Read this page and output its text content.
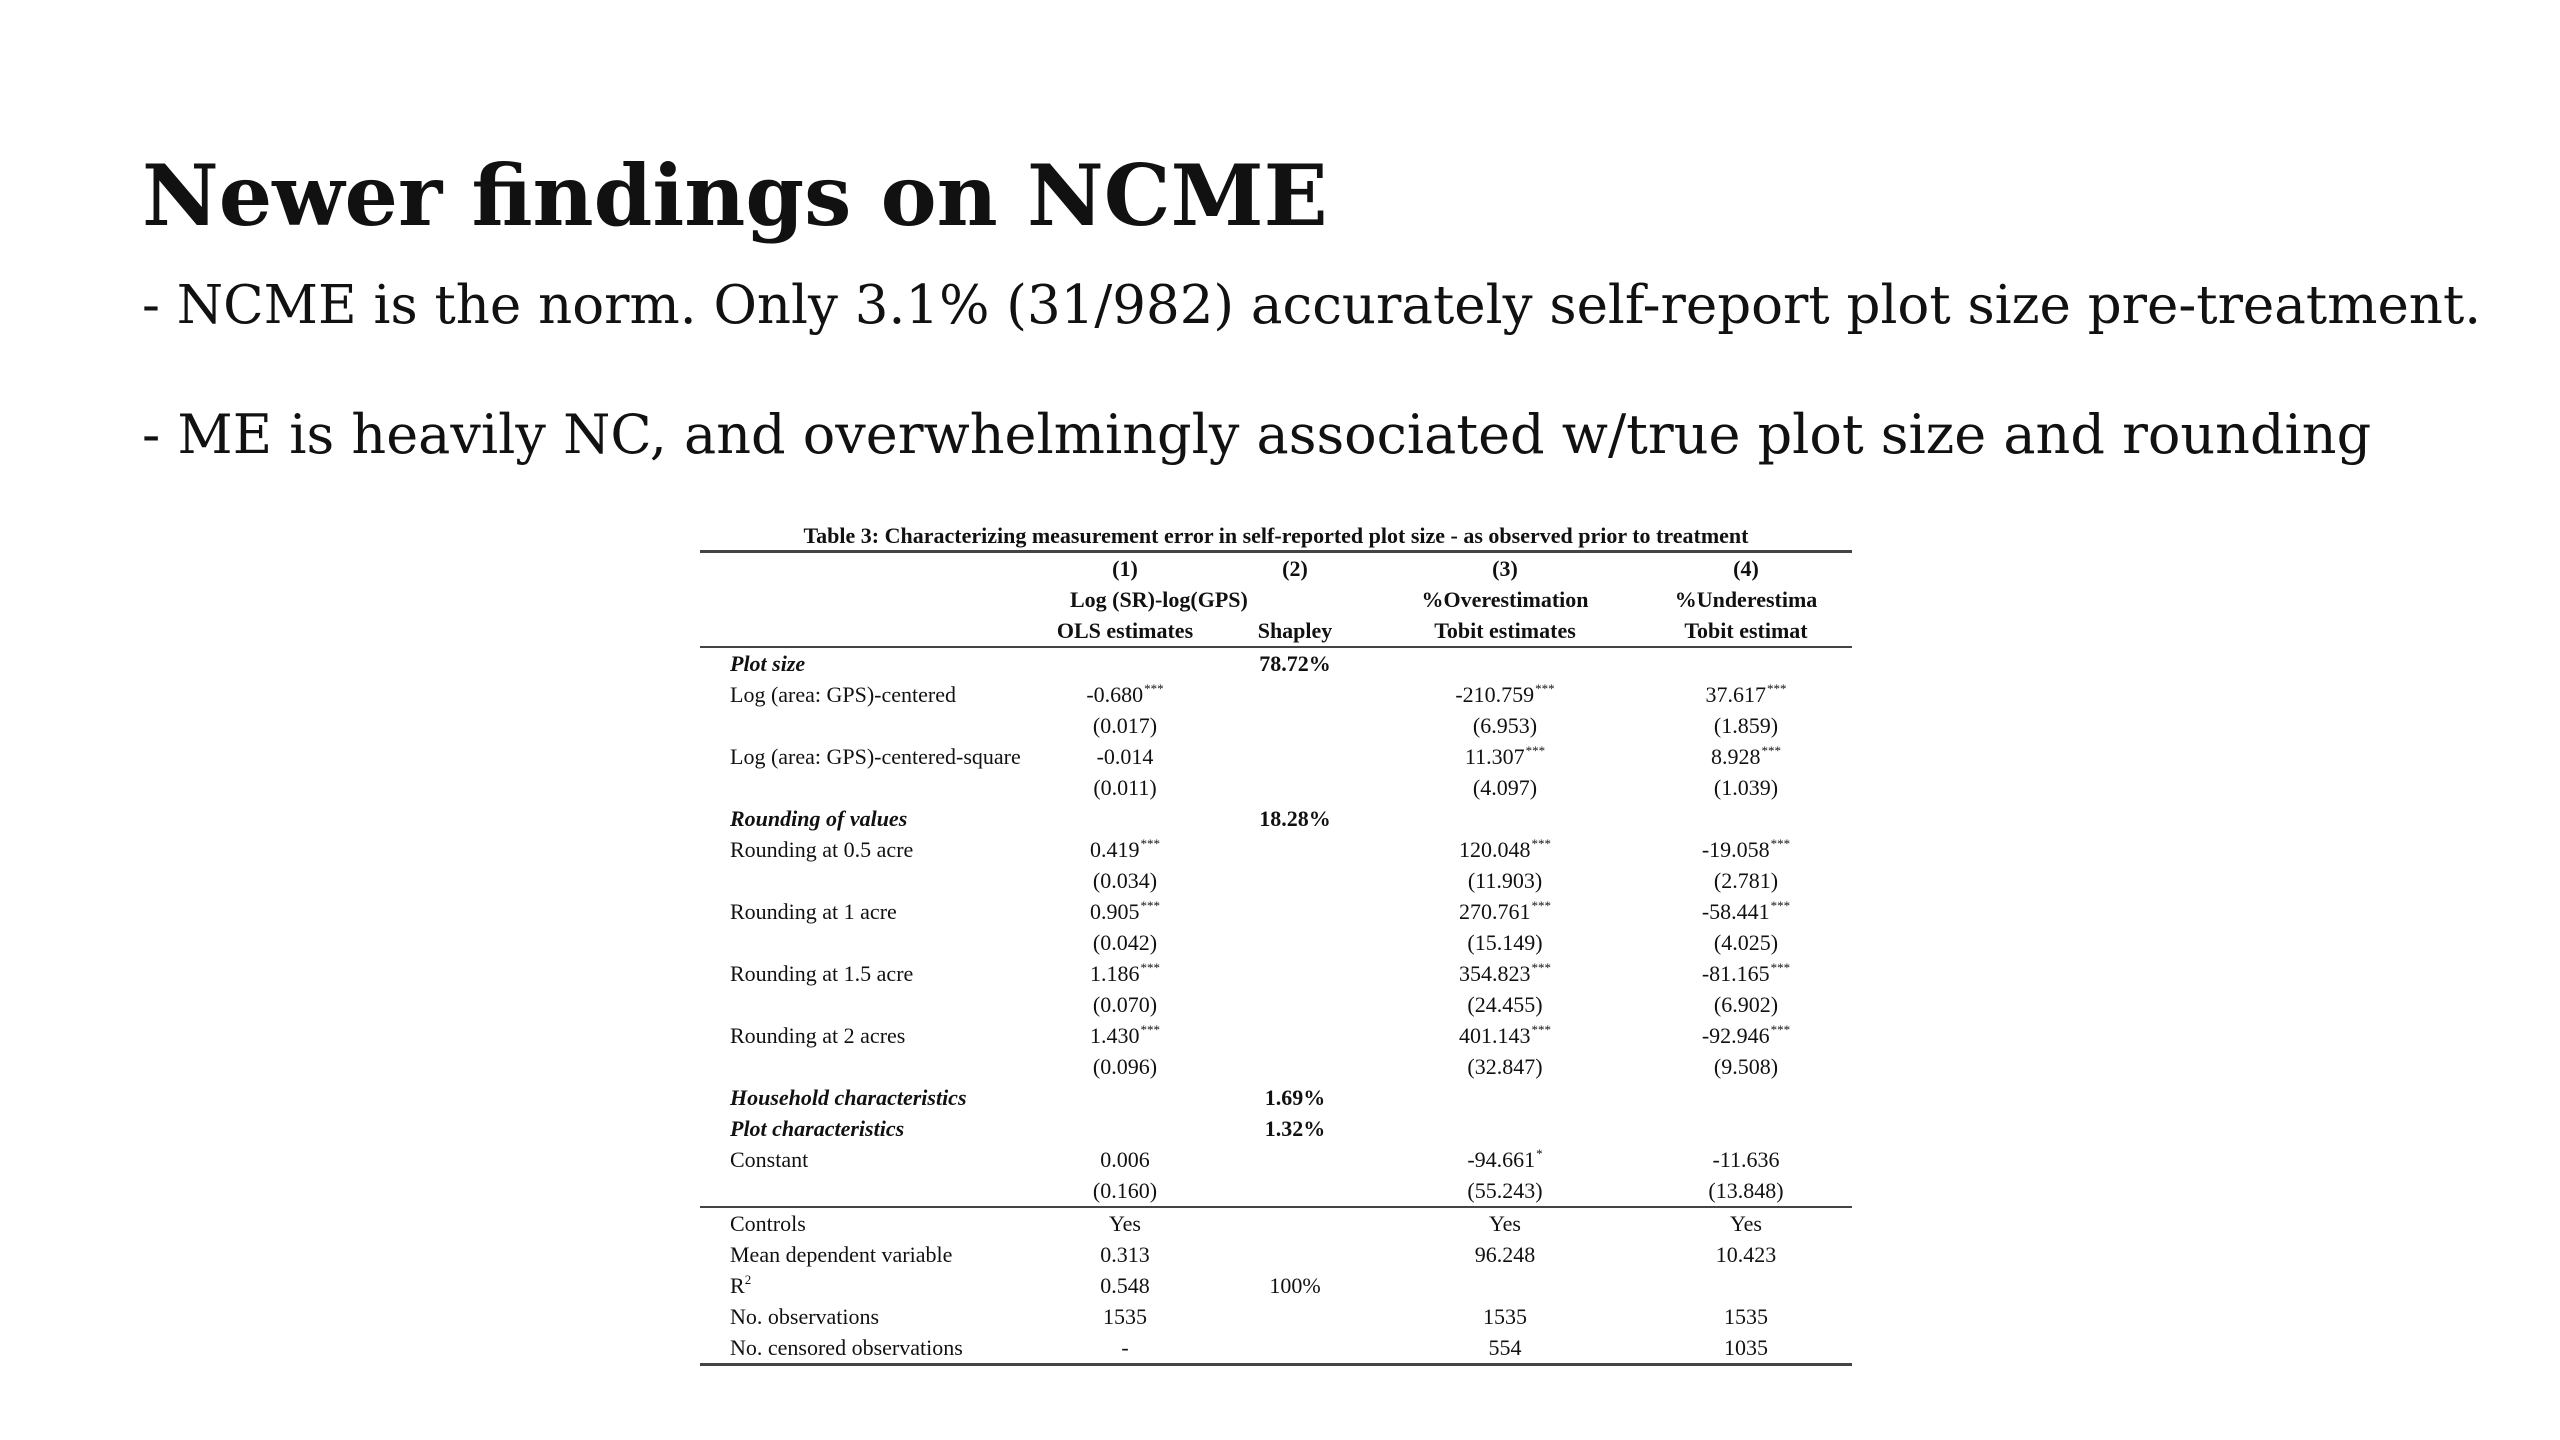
Newer findings on NCME

- NCME is the norm. Only 3.1% (31/982) accurately self-report plot size pre-treatment.

- ME is heavily NC, and overwhelmingly associated w/true plot size and rounding

Table 3: Characterizing measurement error in self-reported plot size - as observed prior to treatment
	(1)	(2)	(3)	(4)
	Log (SR)-log(GPS)		%Overestimation	%Underestima
	OLS estimates	Shapley	Tobit estimates	Tobit estimat
Plot size		78.72%		
Log (area: GPS)-centered	-0.680***		-210.759***	37.617***
	(0.017)		(6.953)	(1.859)
Log (area: GPS)-centered-square	-0.014		11.307***	8.928***
	(0.011)		(4.097)	(1.039)
Rounding of values		18.28%		
Rounding at 0.5 acre	0.419***		120.048***	-19.058***
	(0.034)		(11.903)	(2.781)
Rounding at 1 acre	0.905***		270.761***	-58.441***
	(0.042)		(15.149)	(4.025)
Rounding at 1.5 acre	1.186***		354.823***	-81.165***
	(0.070)		(24.455)	(6.902)
Rounding at 2 acres	1.430***		401.143***	-92.946***
	(0.096)		(32.847)	(9.508)
Household characteristics		1.69%		
Plot characteristics		1.32%		
Constant	0.006		-94.661*	-11.636
	(0.160)		(55.243)	(13.848)
Controls	Yes		Yes	Yes
Mean dependent variable	0.313		96.248	10.423
$R^2$	0.548	100%		
No. observations	1535		1535	1535
No. censored observations	-		554	1035
